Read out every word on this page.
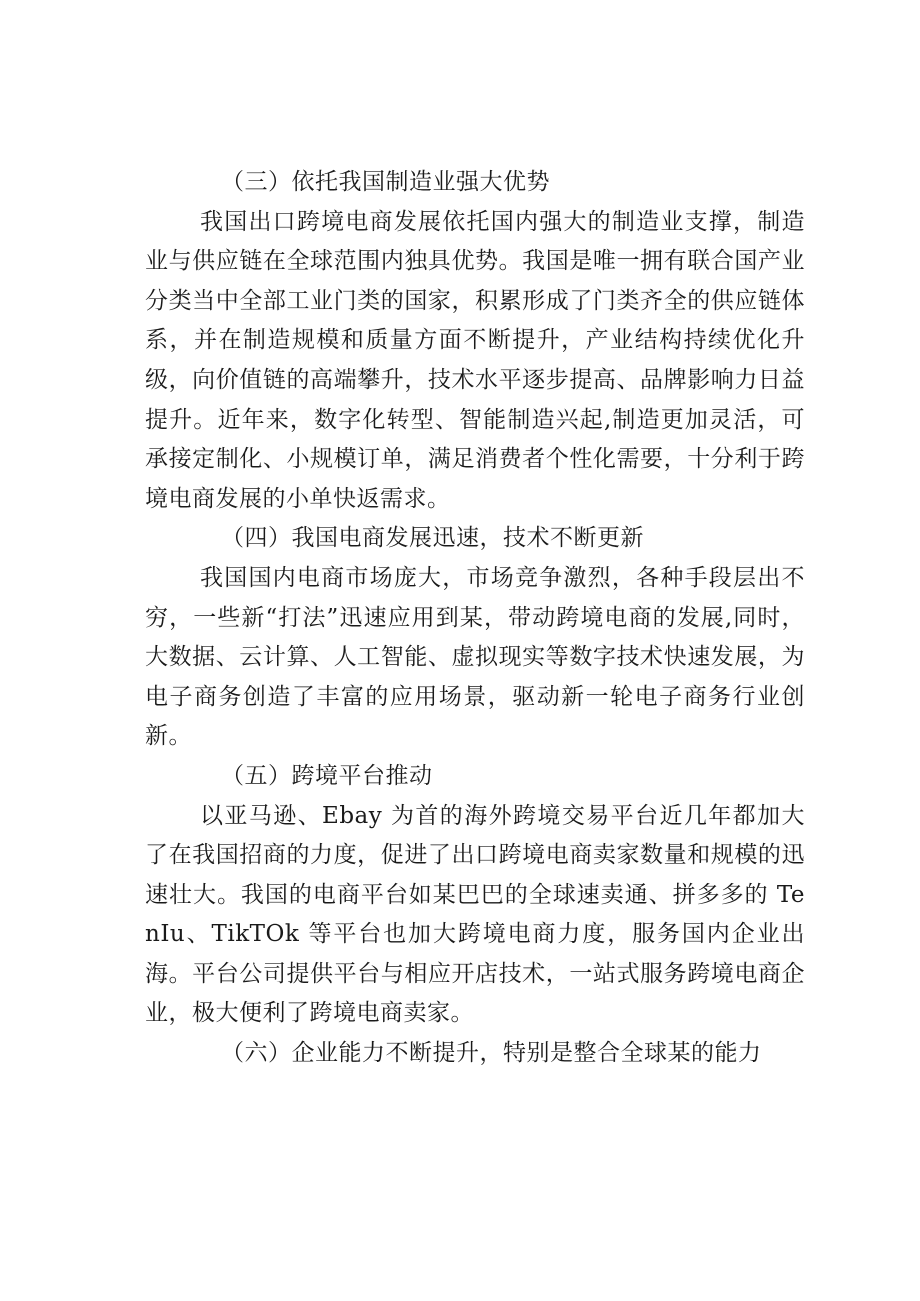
（三）依托我国制造业强大优势

我国出口跨境电商发展依托国内强大的制造业支撑，制造业与供应链在全球范围内独具优势。我国是唯一拥有联合国产业分类当中全部工业门类的国家，积累形成了门类齐全的供应链体系，并在制造规模和质量方面不断提升，产业结构持续优化升级，向价值链的高端攀升，技术水平逐步提高、品牌影响力日益提升。近年来，数字化转型、智能制造兴起,制造更加灵活，可承接定制化、小规模订单，满足消费者个性化需要，十分利于跨境电商发展的小单快返需求。

（四）我国电商发展迅速，技术不断更新

我国国内电商市场庞大，市场竞争激烈，各种手段层出不穷，一些新“打法”迅速应用到某，带动跨境电商的发展,同时，大数据、云计算、人工智能、虚拟现实等数字技术快速发展，为电子商务创造了丰富的应用场景，驱动新一轮电子商务行业创新。

（五）跨境平台推动

以亚马逊、Ebay 为首的海外跨境交易平台近几年都加大了在我国招商的力度，促进了出口跨境电商卖家数量和规模的迅速壮大。我国的电商平台如某巴巴的全球速卖通、拼多多的 TenIu、TikTOk 等平台也加大跨境电商力度，服务国内企业出海。平台公司提供平台与相应开店技术，一站式服务跨境电商企业，极大便利了跨境电商卖家。

（六）企业能力不断提升，特别是整合全球某的能力
